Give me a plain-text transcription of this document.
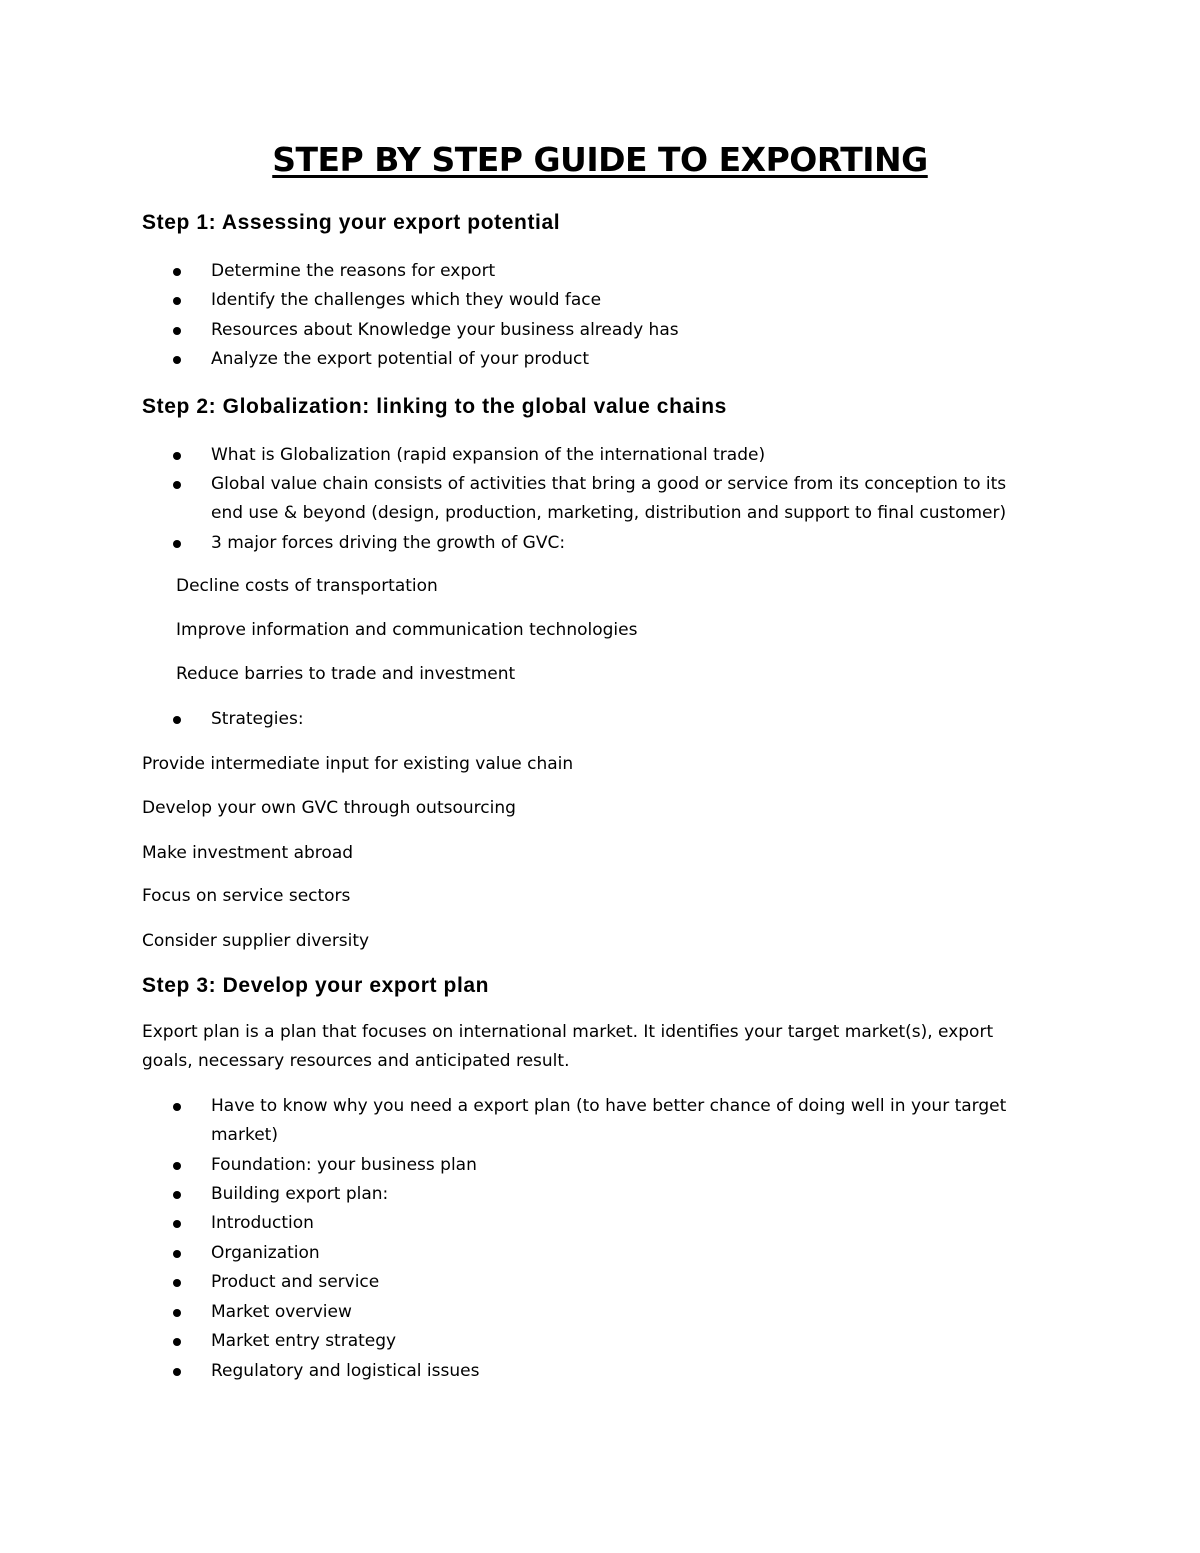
STEP BY STEP GUIDE TO EXPORTING
Step 1: Assessing your export potential
Determine the reasons for export
Identify the challenges which they would face
Resources about Knowledge your business already has
Analyze the export potential of your product
Step 2: Globalization: linking to the global value chains
What is Globalization (rapid expansion of the international trade)
Global value chain consists of activities that bring a good or service from its conception to its

end use & beyond (design, production, marketing, distribution and support to final customer)

3 major forces driving the growth of GVC:

Decline costs of transportation

Improve information and communication technologies

Reduce barries to trade and investment

Strategies:

Provide intermediate input for existing value chain

Develop your own GVC through outsourcing

Make investment abroad

Focus on service sectors

Consider supplier diversity

Step 3: Develop your export plan

Export plan is a plan that focuses on international market. It identifies your target market(s), export

goals, necessary resources and anticipated result.

Have to know why you need a export plan (to have better chance of doing well in your target

market)

Foundation: your business plan
Building export plan:
Introduction
Organization
Product and service
Market overview
Market entry strategy
Regulatory and logistical issues
